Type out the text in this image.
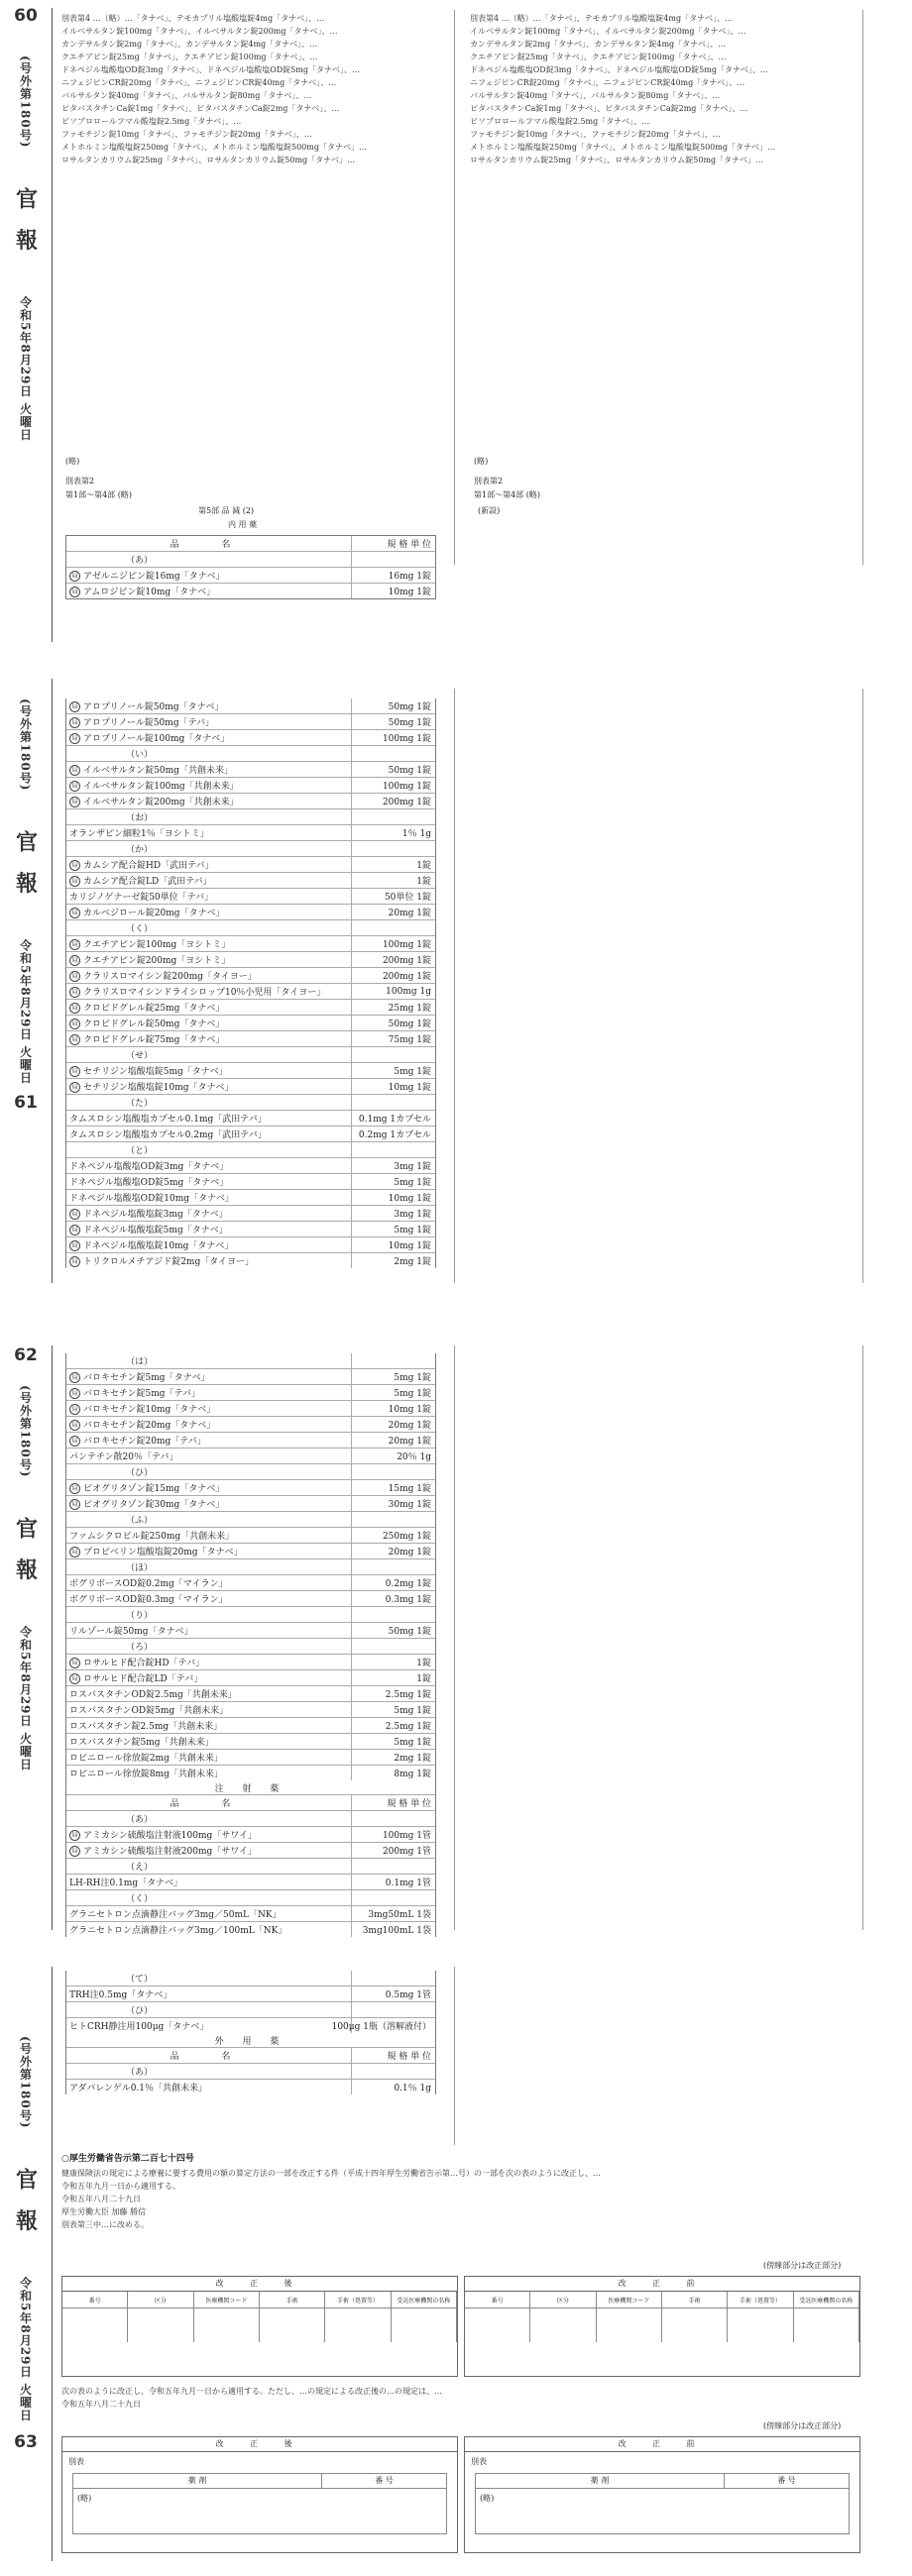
60
(号外第180号)
官 報
令和5年8月29日 火曜日
別表第4 …（略）…「タナベ」、テモカプリル塩酸塩錠4mg「タナベ」、…
イルベサルタン錠100mg「タナベ」、イルベサルタン錠200mg「タナベ」、…
カンデサルタン錠2mg「タナベ」、カンデサルタン錠4mg「タナベ」、…
クエチアピン錠25mg「タナベ」、クエチアピン錠100mg「タナベ」、…
ドネペジル塩酸塩OD錠3mg「タナベ」、ドネペジル塩酸塩OD錠5mg「タナベ」、…
ニフェジピンCR錠20mg「タナベ」、ニフェジピンCR錠40mg「タナベ」、…
バルサルタン錠40mg「タナベ」、バルサルタン錠80mg「タナベ」、…
ピタバスタチンCa錠1mg「タナベ」、ピタバスタチンCa錠2mg「タナベ」、…
ビソプロロールフマル酸塩錠2.5mg「タナベ」、…
ファモチジン錠10mg「タナベ」、ファモチジン錠20mg「タナベ」、…
メトホルミン塩酸塩錠250mg「タナベ」、メトホルミン塩酸塩錠500mg「タナベ」…
ロサルタンカリウム錠25mg「タナベ」、ロサルタンカリウム錠50mg「タナベ」…
(略)
別表第2
第1部～第4部 (略)
第5部 品 減 (2)
内 用 薬
品 名	規 格 単 位
（あ）
局 アゼルニジピン錠16mg「タナベ」	16mg 1錠
局 アムロジピン錠10mg「タナベ」	10mg 1錠
別表第4 …（略）…「タナベ」、テモカプリル塩酸塩錠4mg「タナベ」、…
イルベサルタン錠100mg「タナベ」、イルベサルタン錠200mg「タナベ」、…
カンデサルタン錠2mg「タナベ」、カンデサルタン錠4mg「タナベ」、…
クエチアピン錠25mg「タナベ」、クエチアピン錠100mg「タナベ」、…
ドネペジル塩酸塩OD錠3mg「タナベ」、ドネペジル塩酸塩OD錠5mg「タナベ」、…
ニフェジピンCR錠20mg「タナベ」、ニフェジピンCR錠40mg「タナベ」、…
バルサルタン錠40mg「タナベ」、バルサルタン錠80mg「タナベ」、…
ピタバスタチンCa錠1mg「タナベ」、ピタバスタチンCa錠2mg「タナベ」、…
ビソプロロールフマル酸塩錠2.5mg「タナベ」、…
ファモチジン錠10mg「タナベ」、ファモチジン錠20mg「タナベ」、…
メトホルミン塩酸塩錠250mg「タナベ」、メトホルミン塩酸塩錠500mg「タナベ」…
ロサルタンカリウム錠25mg「タナベ」、ロサルタンカリウム錠50mg「タナベ」…
(略)
別表第2
第1部～第4部 (略)
(新設)
(号外第180号)
官 報
令和5年8月29日 火曜日
61
局 アロプリノール錠50mg「タナベ」	50mg 1錠
局 アロプリノール錠50mg「テバ」	50mg 1錠
局 アロプリノール錠100mg「タナベ」	100mg 1錠
（い）
局 イルベサルタン錠50mg「共創未来」	50mg 1錠
局 イルベサルタン錠100mg「共創未来」	100mg 1錠
局 イルベサルタン錠200mg「共創未来」	200mg 1錠
（お）
オランザピン細粒1％「ヨシトミ」	1％ 1g
（か）
局 カムシア配合錠HD「武田テバ」	1錠
局 カムシア配合錠LD「武田テバ」	1錠
カリジノゲナーゼ錠50単位「テバ」	50単位 1錠
局 カルベジロール錠20mg「タナベ」	20mg 1錠
（く）
局 クエチアピン錠100mg「ヨシトミ」	100mg 1錠
局 クエチアピン錠200mg「ヨシトミ」	200mg 1錠
局 クラリスロマイシン錠200mg「タイヨー」	200mg 1錠
局 クラリスロマイシンドライシロップ10％小児用「タイヨー」	100mg 1g
局 クロピドグレル錠25mg「タナベ」	25mg 1錠
局 クロピドグレル錠50mg「タナベ」	50mg 1錠
局 クロピドグレル錠75mg「タナベ」	75mg 1錠
（せ）
局 セチリジン塩酸塩錠5mg「タナベ」	5mg 1錠
局 セチリジン塩酸塩錠10mg「タナベ」	10mg 1錠
（た）
タムスロシン塩酸塩カプセル0.1mg「武田テバ」	0.1mg 1カプセル
タムスロシン塩酸塩カプセル0.2mg「武田テバ」	0.2mg 1カプセル
（と）
ドネペジル塩酸塩OD錠3mg「タナベ」	3mg 1錠
ドネペジル塩酸塩OD錠5mg「タナベ」	5mg 1錠
ドネペジル塩酸塩OD錠10mg「タナベ」	10mg 1錠
局 ドネペジル塩酸塩錠3mg「タナベ」	3mg 1錠
局 ドネペジル塩酸塩錠5mg「タナベ」	5mg 1錠
局 ドネペジル塩酸塩錠10mg「タナベ」	10mg 1錠
局 トリクロルメチアジド錠2mg「タイヨー」	2mg 1錠
62
(号外第180号)
官 報
令和5年8月29日 火曜日
（は）
局 バロキセチン錠5mg「タナベ」	5mg 1錠
局 バロキセチン錠5mg「テバ」	5mg 1錠
局 バロキセチン錠10mg「タナベ」	10mg 1錠
局 バロキセチン錠20mg「タナベ」	20mg 1錠
局 バロキセチン錠20mg「テバ」	20mg 1錠
パンテチン散20％「テバ」	20％ 1g
（ひ）
局 ピオグリタゾン錠15mg「タナベ」	15mg 1錠
局 ピオグリタゾン錠30mg「タナベ」	30mg 1錠
（ふ）
ファムシクロビル錠250mg「共創未来」	250mg 1錠
局 プロピベリン塩酸塩錠20mg「タナベ」	20mg 1錠
（ほ）
ボグリボースOD錠0.2mg「マイラン」	0.2mg 1錠
ボグリボースOD錠0.3mg「マイラン」	0.3mg 1錠
（り）
リルゾール錠50mg「タナベ」	50mg 1錠
（ろ）
局 ロサルヒド配合錠HD「テバ」	1錠
局 ロサルヒド配合錠LD「テバ」	1錠
ロスバスタチンOD錠2.5mg「共創未来」	2.5mg 1錠
ロスバスタチンOD錠5mg「共創未来」	5mg 1錠
ロスバスタチン錠2.5mg「共創未来」	2.5mg 1錠
ロスバスタチン錠5mg「共創未来」	5mg 1錠
ロピニロール徐放錠2mg「共創未来」	2mg 1錠
ロピニロール徐放錠8mg「共創未来」	8mg 1錠
注 射 薬
品 名	規 格 単 位
（あ）
局 アミカシン硫酸塩注射液100mg「サワイ」	100mg 1管
局 アミカシン硫酸塩注射液200mg「サワイ」	200mg 1管
（え）
LH-RH注0.1mg「タナベ」	0.1mg 1管
（く）
グラニセトロン点滴静注バッグ3mg／50mL「NK」	3mg50mL 1袋
グラニセトロン点滴静注バッグ3mg／100mL「NK」	3mg100mL 1袋
(号外第180号)
官 報
令和5年8月29日 火曜日
63
（て）
TRH注0.5mg「タナベ」	0.5mg 1管
（ひ）
ヒトCRH静注用100μg「タナベ」	100μg 1瓶（溶解液付）
外 用 薬
品 名	規 格 単 位
（あ）
アダパレンゲル0.1％「共創未来」	0.1％ 1g
○厚生労働省告示第二百七十四号
健康保険法の規定による療養に要する費用の額の算定方法の一部を改正する件（平成十四年厚生労働省告示第…号）の一部を次の表のように改正し、…
令和五年九月一日から適用する。
令和五年八月二十九日
厚生労働大臣 加藤 勝信
別表第三中…に改める。
(傍線部分は改正部分)
改 正 後
番号	区分	医療機関コード	手術	手術（処置等）	受託医療機関の名称
改 正 前
番号	区分	医療機関コード	手術	手術（処置等）	受託医療機関の名称
次の表のように改正し、令和五年九月一日から適用する。ただし、…の規定による改正後の…の規定は、…
令和五年八月二十九日
(傍線部分は改正部分)
改 正 後
別表
薬 剤	番 号
(略)
改 正 前
別表
薬 剤	番 号
(略)
